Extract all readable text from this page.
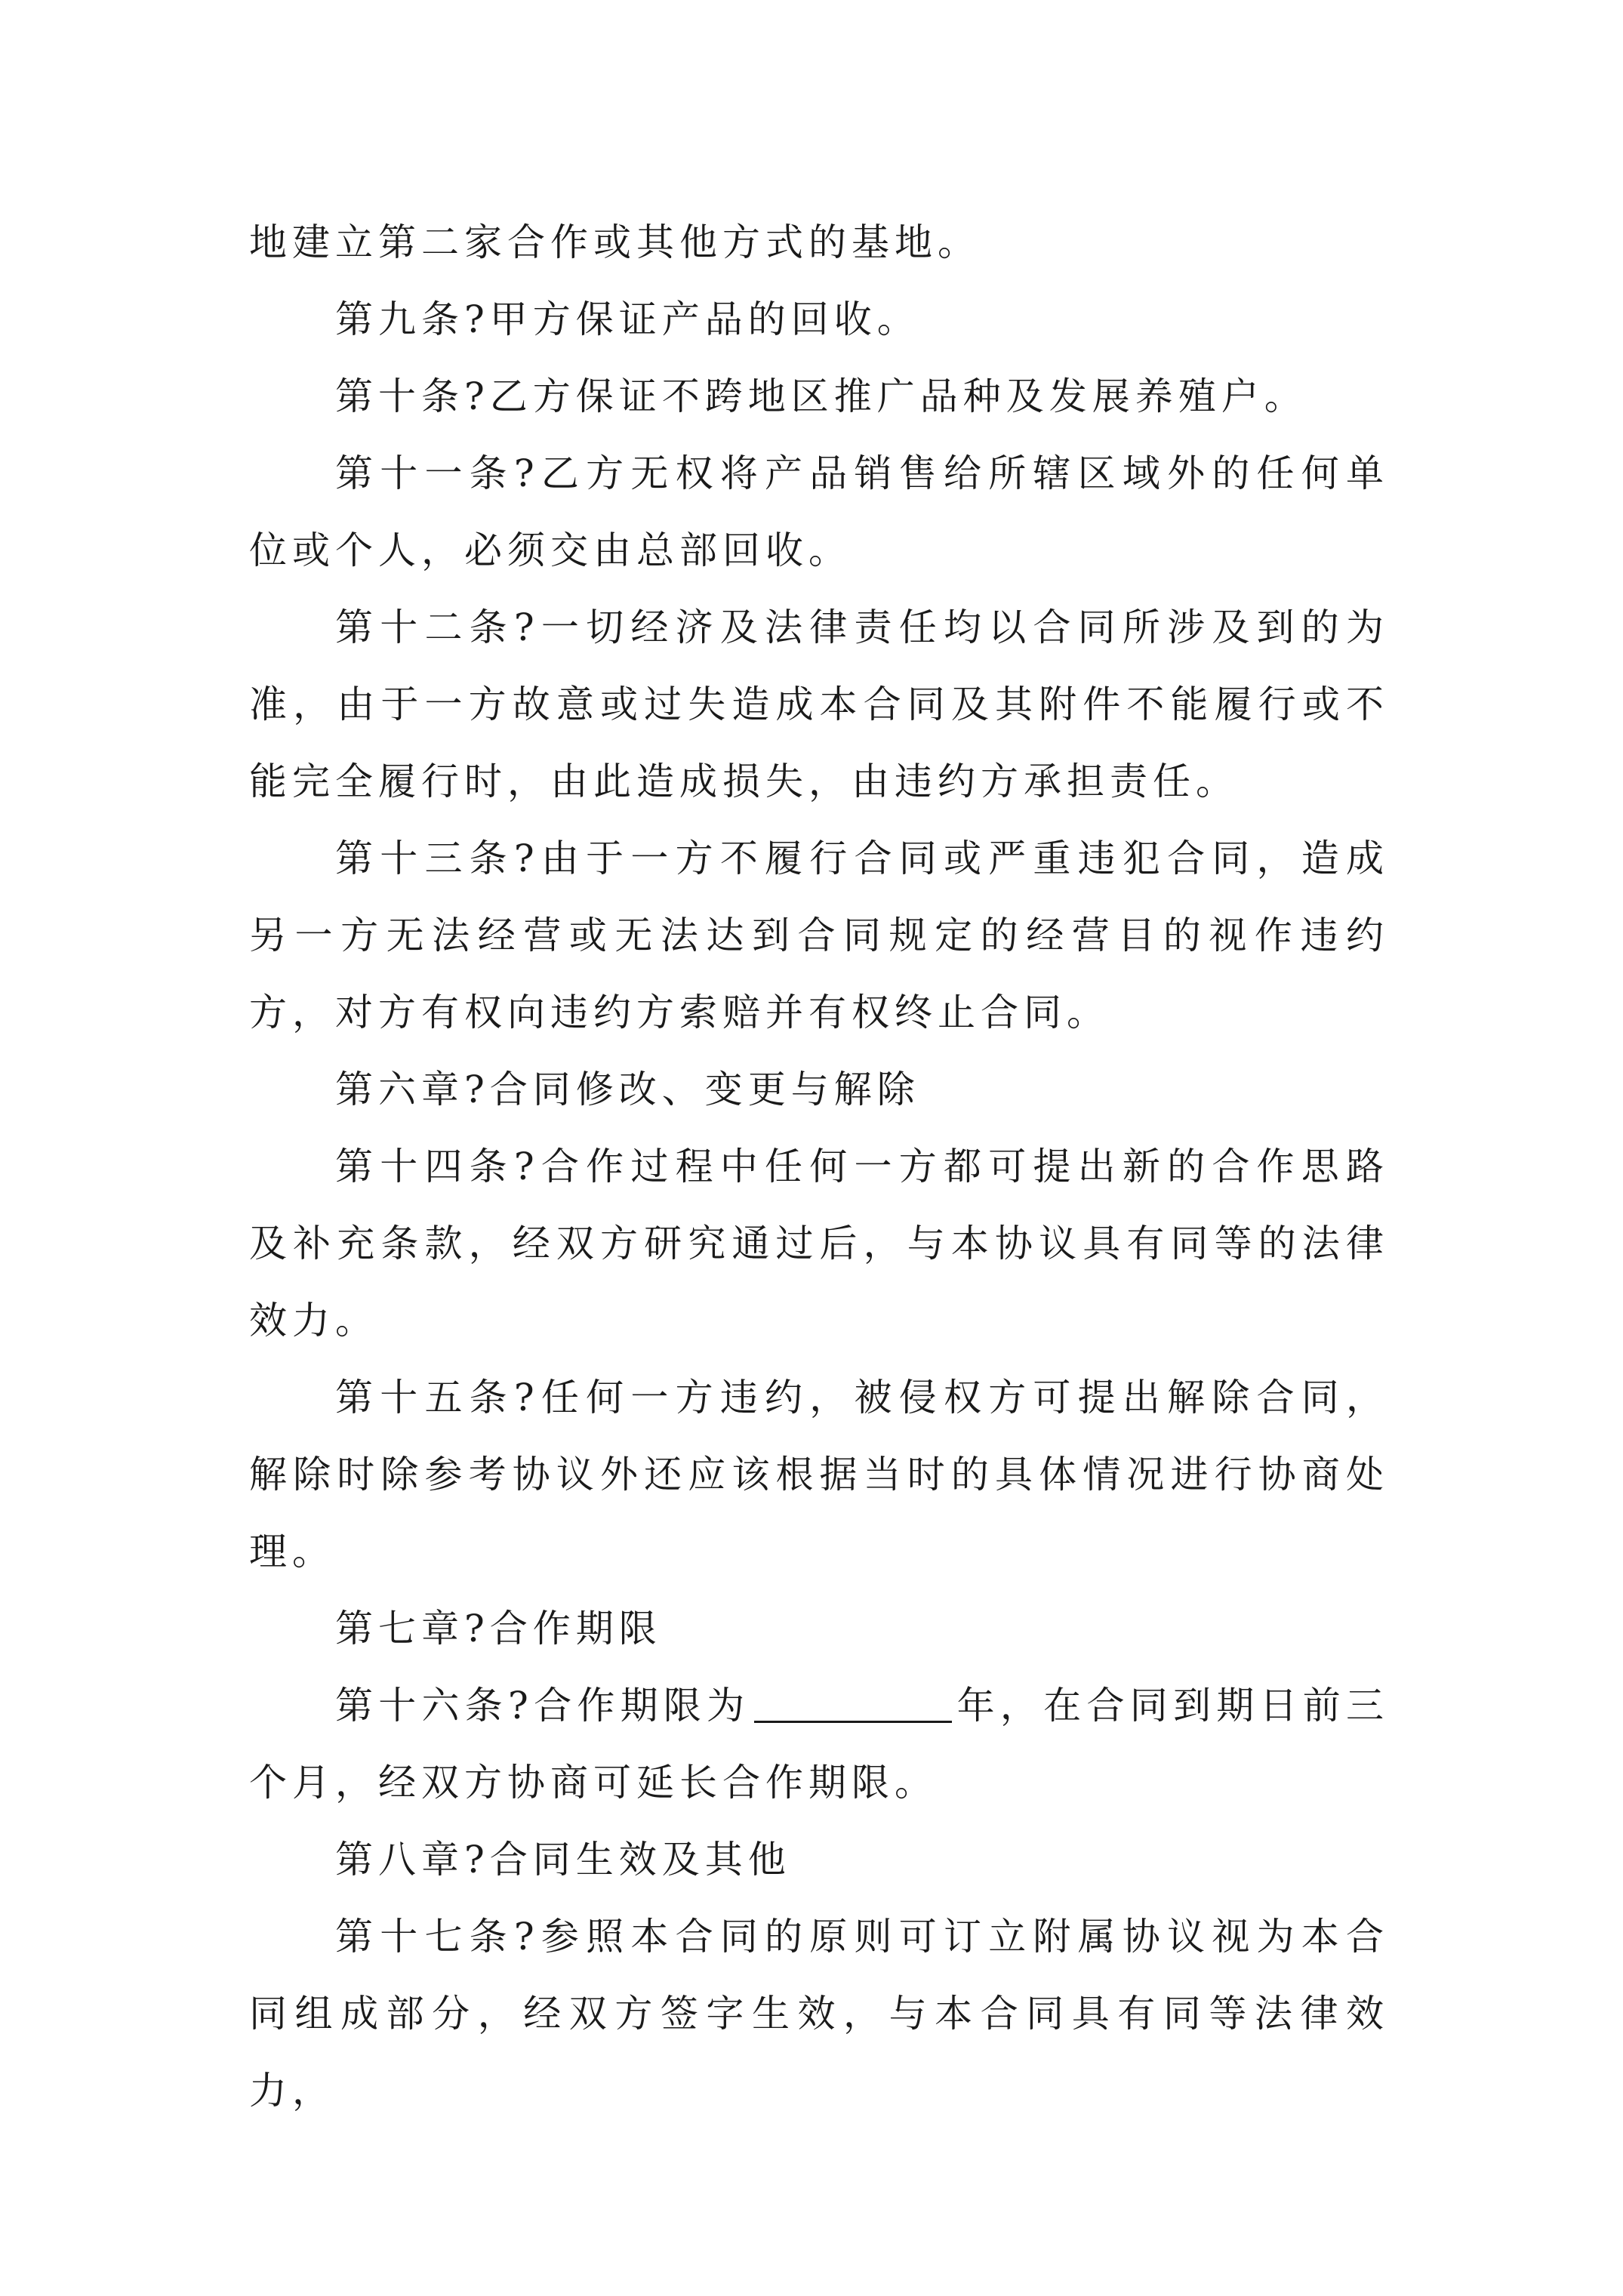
地建立第二家合作或其他方式的基地。

第九条?甲方保证产品的回收。

第十条?乙方保证不跨地区推广品种及发展养殖户。

第十一条?乙方无权将产品销售给所辖区域外的任何单位或个人，必须交由总部回收。

第十二条?一切经济及法律责任均以合同所涉及到的为准，由于一方故意或过失造成本合同及其附件不能履行或不能完全履行时，由此造成损失，由违约方承担责任。

第十三条?由于一方不履行合同或严重违犯合同，造成另一方无法经营或无法达到合同规定的经营目的视作违约方，对方有权向违约方索赔并有权终止合同。

第六章?合同修改、变更与解除

第十四条?合作过程中任何一方都可提出新的合作思路及补充条款，经双方研究通过后，与本协议具有同等的法律效力。

第十五条?任何一方违约，被侵权方可提出解除合同，解除时除参考协议外还应该根据当时的具体情况进行协商处理。

第七章?合作期限

第十六条?合作期限为	年，在合同到期日前三个月，经双方协商可延长合作期限。

第八章?合同生效及其他

第十七条?参照本合同的原则可订立附属协议视为本合同组成部分，经双方签字生效，与本合同具有同等法律效力，
